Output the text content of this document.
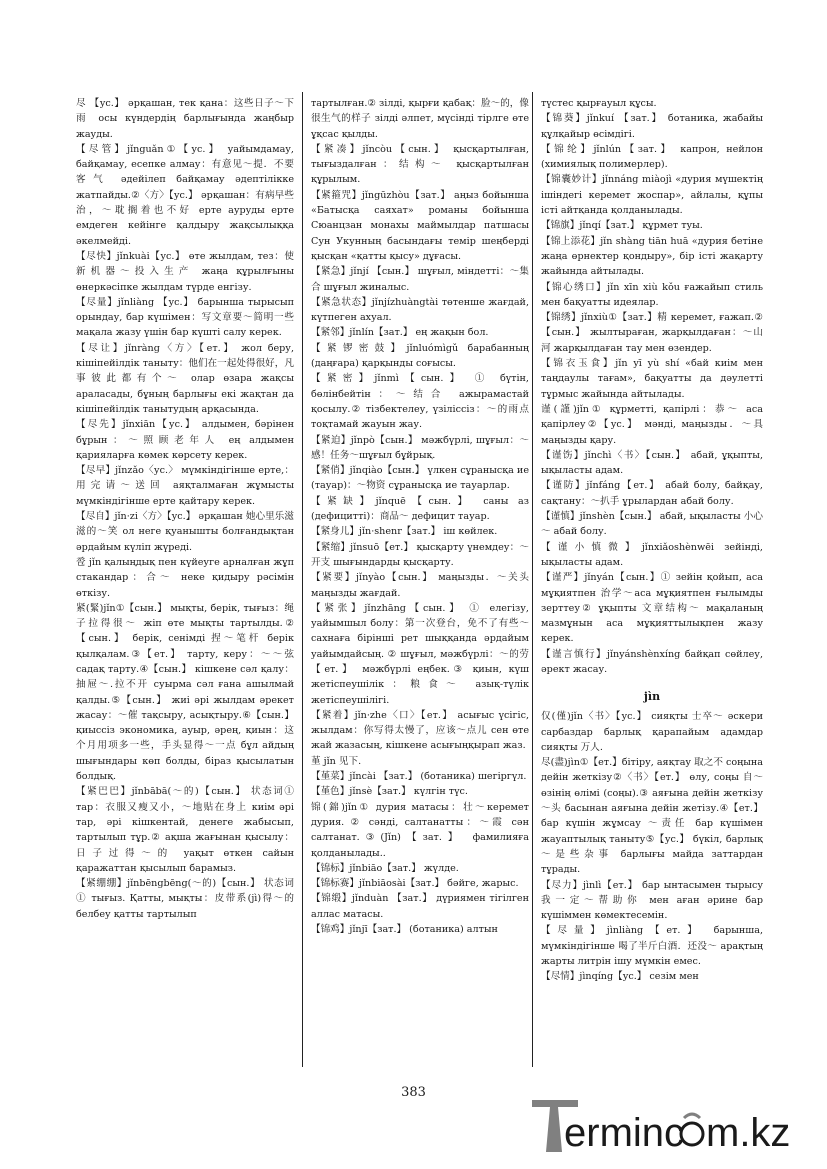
尽 【ус.】 әрқашан, тек қана：这些日子～下雨 осы күндердің барлығында жаңбыр жауды.

【尽管】jǐnguǎn①【ус.】 уайымдамау, байқамау, есепке алмау：有意见～提．不要客气 әдейілеп байқамау әдептілікке жатпайды.②〈方〉【ус.】 әрқашан：有病早些治，～耽搁着也不好 ерте ауруды ерте емдеген кейінге қалдыру жақсылыққа әкелмейді.

【尽快】jǐnkuài【ус.】 өте жылдам, тез：使新机器～投入生产 жаңа құрылғыны өнеркәсіпке жылдам түрде енгізу.

【尽量】jǐnliàng 【ус.】 барынша тырысып орындау, бар күшімен：写文章要～简明一些 мақала жазу үшін бар күшті салу керек.

【尽让】jǐnràng〈方〉【ет.】 жол беру, кішіпейілдік таныту：他们在一起处得很好，凡事彼此都有个～ олар өзара жақсы араласады, бұның барлығы екі жақтан да кішіпейілдік танытудың арқасында.

【尽先】jǐnxiān【ус.】 алдымен, бәрінен бұрын：～照顾老年人 ең алдымен қарияларға көмек көрсету керек.

【尽早】jǐnzǎo〈ус.〉 мүмкіндігінше ерте,：用完请～送回 аяқталмаған жұмысты мүмкіндігінше ерте қайтару керек.

【尽自】jǐn·zi〈方〉【ус.】 әрқашан 她心里乐滋滋的～笑 ол неге қуанышты болғандықтан әрдайым күліп жүреді.

卺 jǐn қалыңдық пен күйеуге арналған жұп стакандар：合～ неке қидыру рәсімін өткізу.

紧(緊)jǐn①【сын.】 мықты, берік, тығыз：绳子拉得很～ жіп өте мықты тартылды.②【сын.】 берік, сенімді 捏～笔杆 берік қылқалам.③【ет.】 тарту, керу：～～弦 садақ тарту.④【сын.】 кішкене сәл қалу：抽屉～.拉不开 суырма сәл ғана ашылмай қалды.⑤【сын.】 жиі әрі жылдам әрекет жасау：～催 тақсыру, асықтыру.⑥【сын.】 қиыссіз экономика, ауыр, әрең, қиын：这个月用项多一些，手头显得～一点 бұл айдың шығындары көп болды, біраз қысылатын болдық.

【紧巴巴】jǐnbābā(～的)【сын.】 状态词① тар：衣服又瘦又小，～地贴在身上 киім әрі тар, әрі кішкентай, денеге жабысып, тартылып тұр.② ақша жағынан қысылу：日子过得～的 уақыт өткен сайын қаражаттан қысылып барамыз.

【紧绷绷】jǐnbēngbēng(～的)【сын.】 状态词① тығыз. Қатты, мықты：皮带系(jì)得～的 белбеу қатты тартылып

тартылған.② зілді, қырғи қабақ：脸～的，像很生气的样子 зілді әлпет, мүсінді тірлге өте ұқсас қылды.

【紧凑】jǐncòu【сын.】 қысқартылған, тығыздалған：结构～ қысқартылған құрылым.

【紧箍咒】jǐngūzhòu【зат.】 аңыз бойынша «Батысқа саяхат» романы бойынша Сюанцзан монахы маймылдар патшасы Сун Укунның басындағы темір шеңберді қысқан «қатты қысу» дұғасы.

【紧急】jǐnjí 【сын.】 шұғыл, міндетті：～集合 шұғыл жиналыс.

【紧急状态】jǐnjízhuàngtài төтенше жағдай, күтпеген ахуал.

【紧邻】jǐnlín【зат.】 ең жақын бол.

【紧锣密鼓】jǐnluómìgǔ барабанның (даңғара) қарқынды соғысы.

【紧密】jǐnmì【сын.】 ① бүтін, бөлінбейтін：～结合 ажырамастай қосылу.② тізбектелеу, үзіліссіз：～的雨点 тоқтамай жауын жау.

【紧迫】jǐnpò【сын.】 мәжбүрлі, шұғыл：～感！任务～шұғыл бұйрық.

【紧俏】jǐnqiào【сын.】 үлкен сұранысқа ие (тауар)：～物资 сұранысқа ие тауарлар.

【紧缺】jǐnquē【сын.】 саны аз (дефицитті)：商品～ дефицит тауар.

【紧身儿】jǐn·shenr【зат.】 іш көйлек.

【紧缩】jǐnsuō【ет.】 қысқарту үнемдеу：～开支 шығындарды қысқарту.

【紧要】jǐnyào【сын.】 маңызды．～关头 маңызды жағдай.

【紧张】jǐnzhāng【сын.】 ① елегізу, уайымшыл болу：第一次登台，免不了有些～ сахнаға бірінші рет шыққанда әрдайым уайымдайсың. ② шұғыл, мәжбүрлі：～的劳【ет.】 мәжбүрлі еңбек.③ қиын, күш жетіспеушілік：粮食～ азық-түлік жетіспеушілігі.

【紧着】jǐn·zhe〈口〉【ет.】 асығыс үсігіс, жылдам：你写得太慢了，应该～点儿 сен өте жай жазасың, кішкене асығыңқырап жаз.

堇 jǐn 见下.

【堇菜】jǐncài 【зат.】 (ботаника) шегіргүл.

【堇色】jǐnsè【зат.】 күлгін түс.

锦(錦)jǐn① дурия матасы：壮～керемет дурия. ② сәнді, салтанатты：～霞 сән салтанат.③(Jǐn)【зат.】 фамилияға қолданылады..

【锦标】jǐnbiāo【зат.】 жүлде.

【锦标赛】jǐnbiāosài【зат.】 бәйге, жарыс.

【锦缎】jǐnduàn 【зат.】 дүриямен тігілген аллас матасы.

【锦鸡】jǐnjī【зат.】 (ботаника) алтын

түстес қырғауыл құсы.

【锦葵】jǐnkuí 【зат.】 ботаника, жабайы құлқайыр өсімдігі.

【锦纶】jǐnlún【зат.】 капрон, нейлон (химиялық полимерлер).

【锦囊妙计】jǐnnáng miàojì «дурия мүшектің ішіндегі керемет жоспар», айлалы, құпы істі айтқанда қолданылады.

【锦旗】jǐnqí【зат.】 құрмет туы.

【锦上添花】jǐn shàng tiān huā «дурия бетіне жаңа өрнектер қондыру», бір істі жақарту жайында айтылады.

【锦心绣口】jǐn xīn xiù kǒu ғажайып стиль мен бақуатты идеялар.

【锦绣】jǐnxiù①【зат.】精 керемет, ғажап.②【сын.】 жылтыраған, жарқылдаған：～山河 жарқылдаған тау мен өзендер.

【锦衣玉食】jǐn yī yù shí «бай киім мен таңдаулы тағам», бақуатты да дәулетті тұрмыс жайында айтылады.

谨(謹)jǐn① құрметті, қапірлі：恭～ аса қапірлеу②【ус.】 мәнді, маңызды．～具 маңызды қару.

【谨饬】jǐnchì〈书〉【сын.】 абай, ұқыпты, ықыласты адам.

【谨防】jǐnfáng【ет.】 абай болу, байқау, сақтану：～扒手 ұрылардан абай болу.

【谨慎】jǐnshèn【сын.】 абай, ықыласты 小心～ абай болу.

【谨小慎微】jǐnxiǎoshènwēi зейінді, ықыласты адам.

【谨严】jǐnyán【сын.】① зейін қойып, аса мұқиятпен 治学～аса мұқиятпен ғылымды зерттеу② ұқыпты 文章结构～ мақаланың мазмұнын аса мұқияттылықпен жазу керек.

【谨言慎行】jǐnyánshènxíng байқап сөйлеу, әрект жасау.

jìn

仅(僅)jǐn〈书〉【ус.】 сияқты 士卒～ әскери сарбаздар барлық қарапайым адамдар сияқты 万人.

尽(盡)jìn①【ет.】бітіру, аяқтау 取之不 соңына дейін жеткізу②〈书〉【ет.】 өлу, соңы 自～ өзінің өлімі (соңы).③ аяғына дейін жеткізу ～头 басынан аяғына дейін жетізу.④【ет.】 бар күшін жұмсау ～责任 бар күшімен жауаптылық таныту⑤【ус.】 бүкіл, барлық ～是些杂事 барлығы майда заттардан тұрады.

【尽力】jìnlì【ет.】 бар ынтасымен тырысу 我一定～帮助你 мен аған әрине бар күшіммен көмектесемін.

【尽量】jìnliàng【ет.】 барынша, мүмкіндігінше 喝了半斤白酒．还没～ арақтың жарты литрін ішу мүмкін емес.

【尽情】jìnqíng【ус.】 сезім мен

383
erminc m.kz
